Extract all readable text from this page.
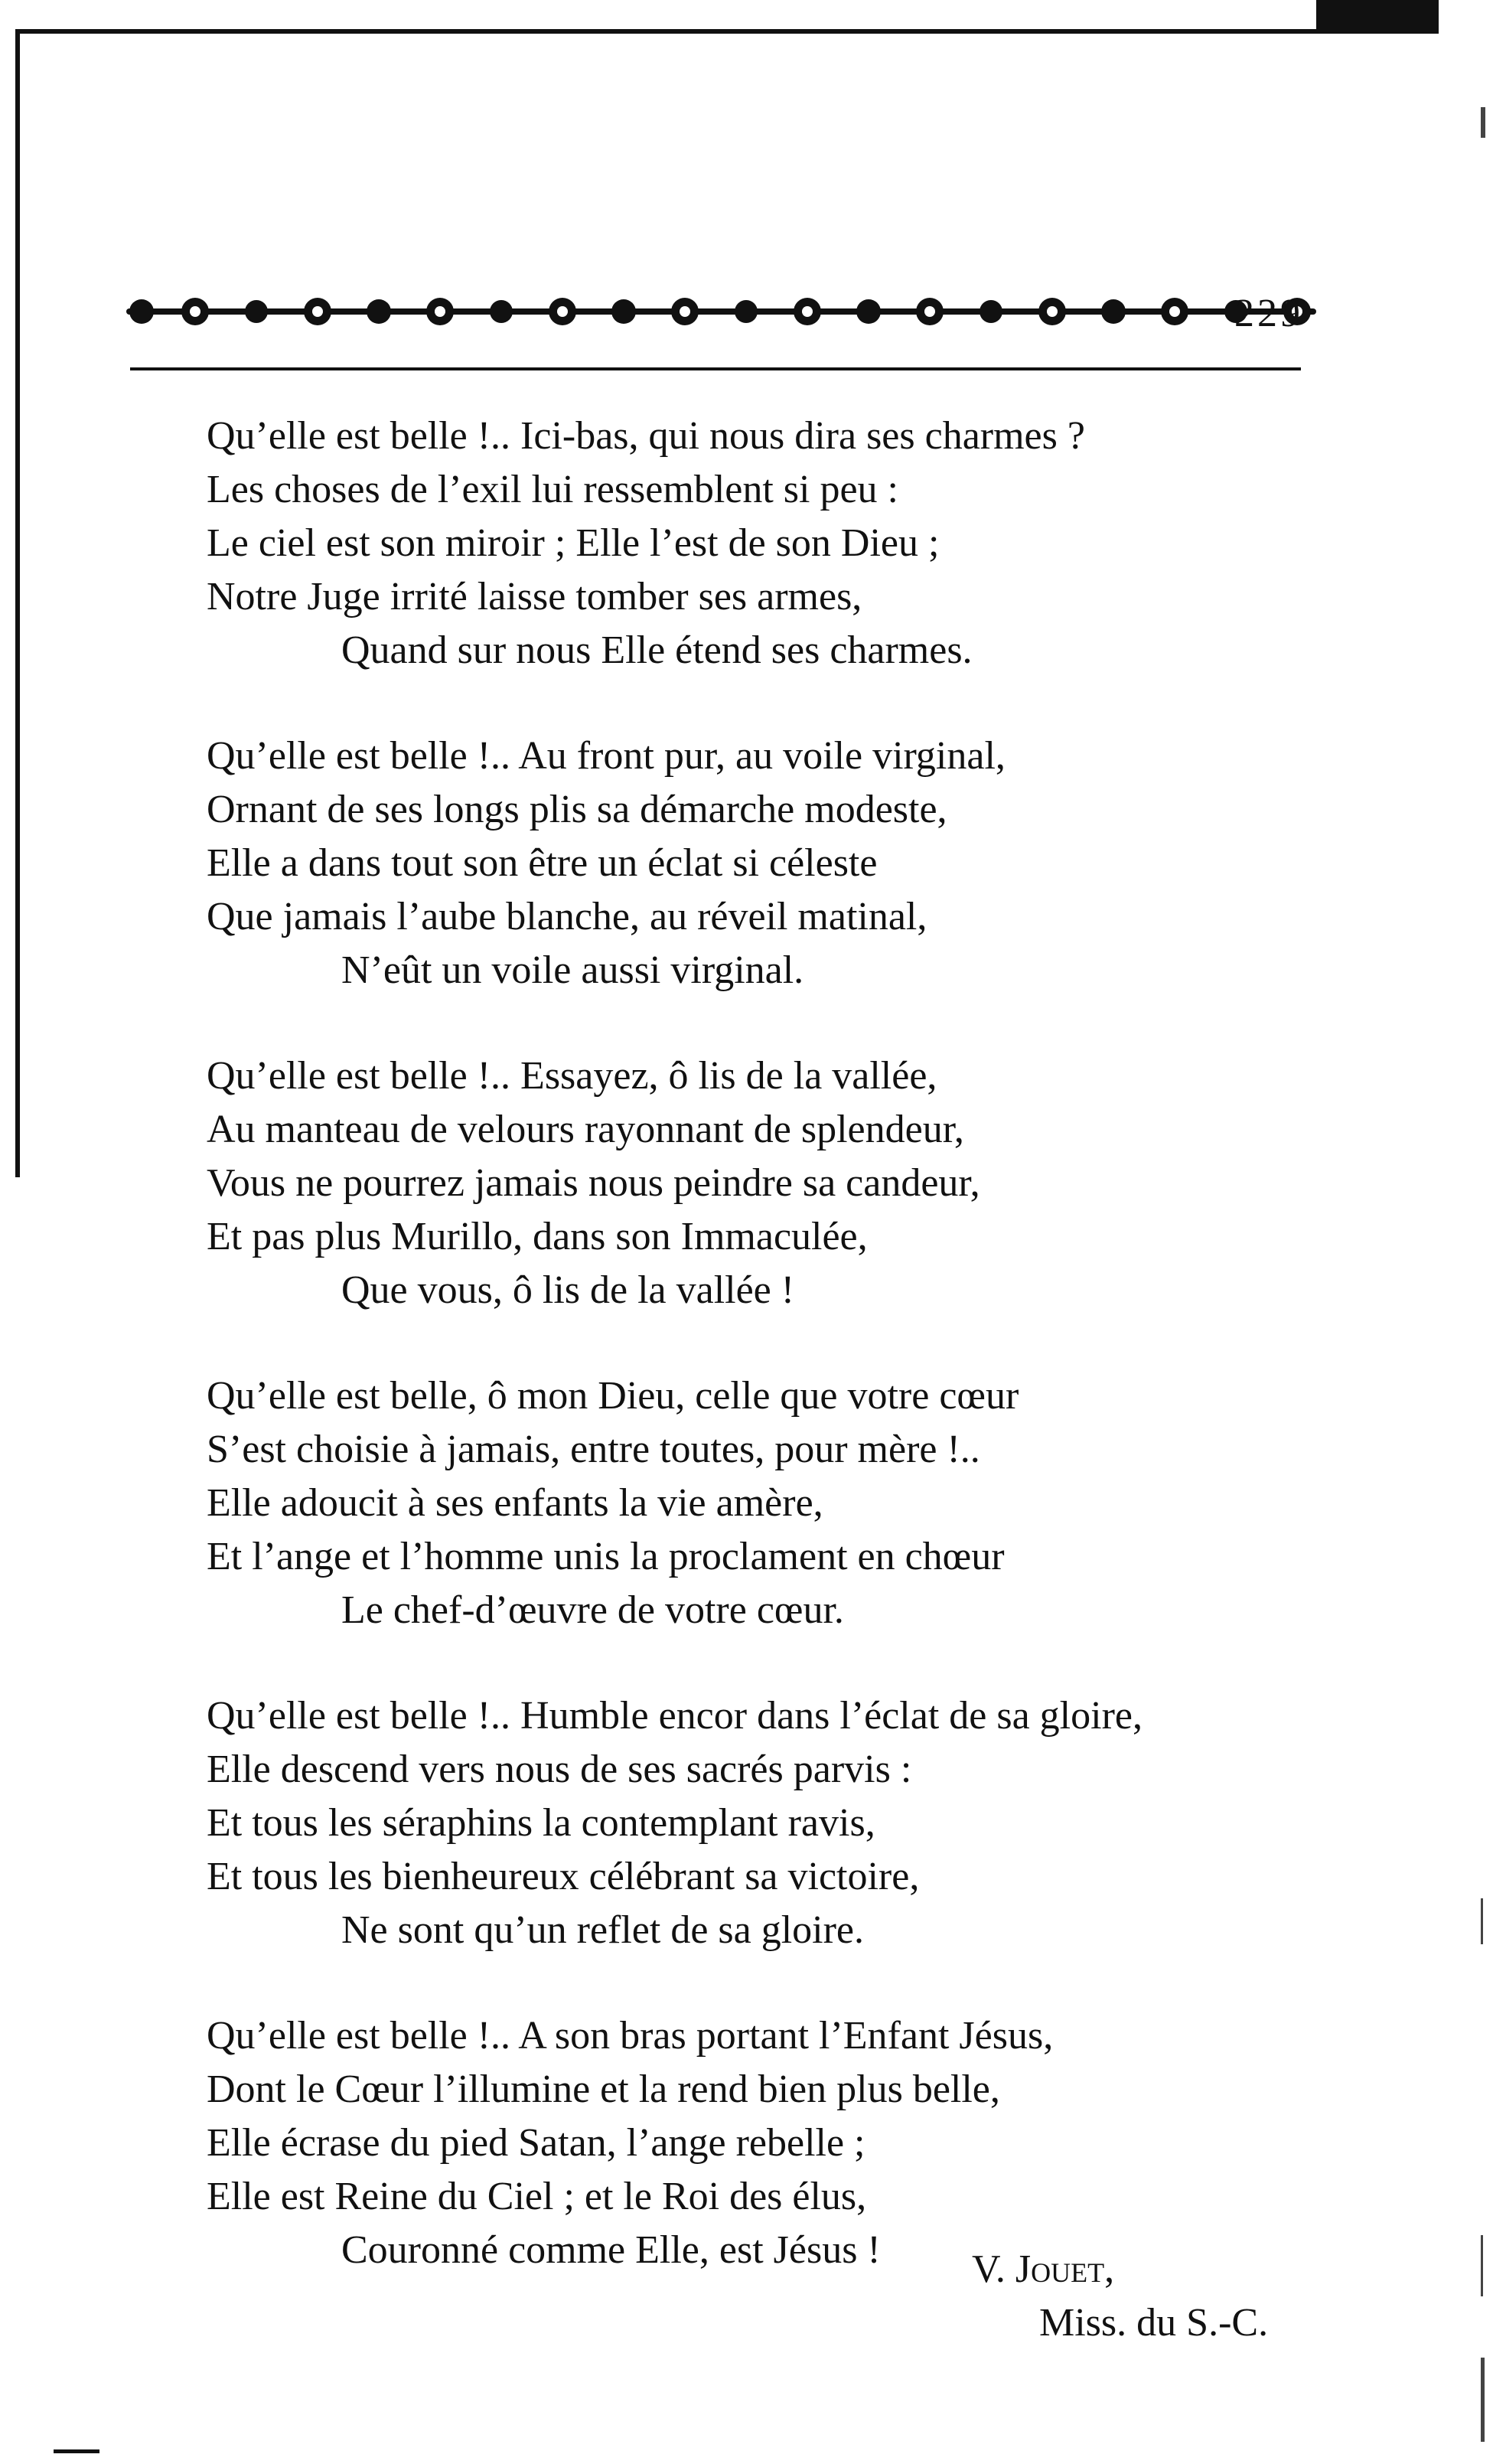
229
Qu’elle est belle !.. Ici-bas, qui nous dira ses charmes ?
Les choses de l’exil lui ressemblent si peu :
Le ciel est son miroir ; Elle l’est de son Dieu ;
Notre Juge irrité laisse tomber ses armes,
Quand sur nous Elle étend ses charmes.
Qu’elle est belle !.. Au front pur, au voile virginal,
Ornant de ses longs plis sa démarche modeste,
Elle a dans tout son être un éclat si céleste
Que jamais l’aube blanche, au réveil matinal,
N’eût un voile aussi virginal.
Qu’elle est belle !.. Essayez, ô lis de la vallée,
Au manteau de velours rayonnant de splendeur,
Vous ne pourrez jamais nous peindre sa candeur,
Et pas plus Murillo, dans son Immaculée,
Que vous, ô lis de la vallée !
Qu’elle est belle, ô mon Dieu, celle que votre cœur
S’est choisie à jamais, entre toutes, pour mère !..
Elle adoucit à ses enfants la vie amère,
Et l’ange et l’homme unis la proclament en chœur
Le chef-d’œuvre de votre cœur.
Qu’elle est belle !.. Humble encor dans l’éclat de sa gloire,
Elle descend vers nous de ses sacrés parvis :
Et tous les séraphins la contemplant ravis,
Et tous les bienheureux célébrant sa victoire,
Ne sont qu’un reflet de sa gloire.
Qu’elle est belle !.. A son bras portant l’Enfant Jésus,
Dont le Cœur l’illumine et la rend bien plus belle,
Elle écrase du pied Satan, l’ange rebelle ;
Elle est Reine du Ciel ; et le Roi des élus,
Couronné comme Elle, est Jésus !	V. Jouet,
Miss. du S.-C.
